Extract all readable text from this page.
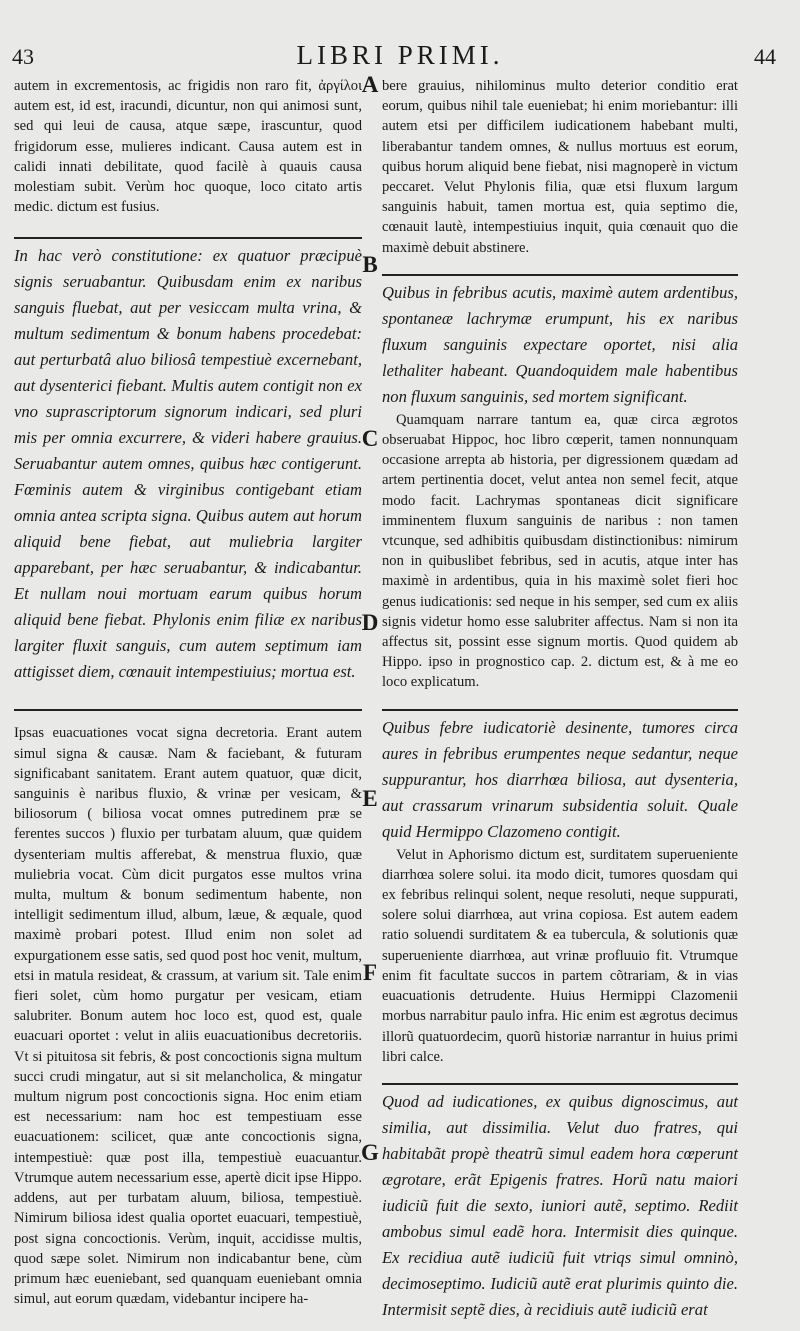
43	LIBRI PRIMI.	44

autem in excrementosis, ac frigidis non raro fit, ἀργίλοι autem est, id est, iracundi, dicuntur, non qui animosi sunt, sed qui leui de causa, atque sæpe, irascuntur, quod frigidorum esse, mulieres indicant. Causa autem est in calidi innati debilitate, quod facilè à quauis causa molestiam subit. Verùm hoc quoque, loco citato artis medic. dictum est fusius.

In hac verò constitutione: ex quatuor præcipuè signis seruabantur. Quibusdam enim ex naribus sanguis fluebat, aut per vesiccam multa vrina, & multum sedimentum & bonum habens procedebat: aut perturbatâ aluo biliosâ tempestiuè excernebant, aut dysenterici fiebant. Multis autem contigit non ex vno suprascriptorum signorum indicari, sed pluri mis per omnia excurrere, & videri habere grauius. Seruabantur autem omnes, quibus hæc contigerunt. Fœminis autem & virginibus contigebant etiam omnia antea scripta signa. Quibus autem aut horum aliquid bene fiebat, aut muliebria largiter apparebant, per hæc seruabantur, & indicabantur. Et nullam noui mortuam earum quibus horum aliquid bene fiebat. Phylonis enim filiæ ex naribus largiter fluxit sanguis, cum autem septimum iam attigisset diem, cœnauit intempestiuius; mortua est.

Ipsas euacuationes vocat signa decretoria. Erant autem simul signa & causæ. Nam & faciebant, & futuram significabant sanitatem. Erant autem quatuor, quæ dicit, sanguinis è naribus fluxio, & vrinæ per vesicam, & biliosorum ( biliosa vocat omnes putredinem præ se ferentes succos ) fluxio per turbatam aluum, quæ quidem dysenteriam multis afferebat, & menstrua fluxio, quæ muliebria vocat. Cùm dicit purgatos esse multos vrina multa, multum & bonum sedimentum habente, non intelligit sedimentum illud, album, læue, & æquale, quod maximè probari potest. Illud enim non solet ad expurgationem esse satis, sed quod post hoc venit, multum, etsi in matula resideat, & crassum, at varium sit. Tale enim fieri solet, cùm homo purgatur per vesicam, etiam salubriter. Bonum autem hoc loco est, quod est, quale euacuari oportet : velut in aliis euacuationibus decretoriis. Vt si pituitosa sit febris, & post concoctionis signa multum succi crudi mingatur, aut si sit melancholica, & mingatur multum nigrum post concoctionis signa. Hoc enim etiam est necessarium: nam hoc est tempestiuam esse euacuationem: scilicet, quæ ante concoctionis signa, intempestiuè: quæ post illa, tempestiuè euacuantur. Vtrumque autem necessarium esse, apertè dicit ipse Hippo. addens, aut per turbatam aluum, biliosa, tempestiuè. Nimirum biliosa idest qualia oportet euacuari, tempestiuè, post signa concoctionis. Verùm, inquit, accidisse multis, quod sæpe solet. Nimirum non indicabantur bene, cùm primum hæc eueniebant, sed quanquam eueniebant omnia simul, aut eorum quædam, videbantur incipere ha-

bere grauius, nihilominus multo deterior conditio erat eorum, quibus nihil tale eueniebat; hi enim moriebantur: illi autem etsi per difficilem iudicationem habebant multi, liberabantur tandem omnes, & nullus mortuus est eorum, quibus horum aliquid bene fiebat, nisi magnoperè in victum peccaret. Velut Phylonis filia, quæ etsi fluxum largum sanguinis habuit, tamen mortua est, quia septimo die, cœnauit lautè, intempestiuius inquit, quia cœnauit quo die maximè debuit abstinere.

Quibus in febribus acutis, maximè autem ardentibus, spontaneæ lachrymæ erumpunt, his ex naribus fluxum sanguinis expectare oportet, nisi alia lethaliter habeant. Quandoquidem male habentibus non fluxum sanguinis, sed mortem significant.

Quamquam narrare tantum ea, quæ circa ægrotos obseruabat Hippoc, hoc libro cœperit, tamen nonnunquam occasione arrepta ab historia, per digressionem quædam ad artem pertinentia docet, velut antea non semel fecit, atque modo facit. Lachrymas spontaneas dicit significare imminentem fluxum sanguinis de naribus : non tamen vtcunque, sed adhibitis quibusdam distinctionibus: nimirum non in quibuslibet febribus, sed in acutis, atque inter has maximè in ardentibus, quia in his maximè solet fieri hoc genus iudicationis: sed neque in his semper, sed cum ex aliis signis videtur homo esse salubriter affectus. Nam si non ita affectus sit, possint esse signum mortis. Quod quidem ab Hippo. ipso in prognostico cap. 2. dictum est, & à me eo loco explicatum.

Quibus febre iudicatoriè desinente, tumores circa aures in febribus erumpentes neque sedantur, neque suppurantur, hos diarrhœa biliosa, aut dysenteria, aut crassarum vrinarum subsidentia soluit. Quale quid Hermippo Clazomeno contigit.

Velut in Aphorismo dictum est, surditatem superueniente diarrhœa solere solui. ita modo dicit, tumores quosdam qui ex febribus relinqui solent, neque resoluti, neque suppurati, solere solui diarrhœa, aut vrina copiosa. Est autem eadem ratio soluendi surditatem & ea tubercula, & solutionis quæ superueniente diarrhœa, aut vrinæ profluuio fit. Vtrumque enim fit facultate succos in partem cõtrariam, & in vias euacuationis detrudente. Huius Hermippi Clazomenii morbus narrabitur paulo infra. Hic enim est ægrotus decimus illorũ quatuordecim, quorũ historiæ narrantur in huius primi libri calce.

Quod ad iudicationes, ex quibus dignoscimus, aut similia, aut dissimilia. Velut duo fratres, qui habitabãt propè theatrũ simul eadem hora cœperunt ægrotare, erãt Epigenis fratres. Horũ natu maiori iudiciũ fuit die sexto, iuniori autẽ, septimo. Rediit ambobus simul eadẽ hora. Intermisit dies quinque. Ex recidiua autẽ iudiciũ fuit vtriqs simul omninò, decimoseptimo. Iudiciũ autẽ erat plurimis quinto die. Intermisit septẽ dies, à recidiuis autẽ iudiciũ erat

A
B
C
D
E
F
G
